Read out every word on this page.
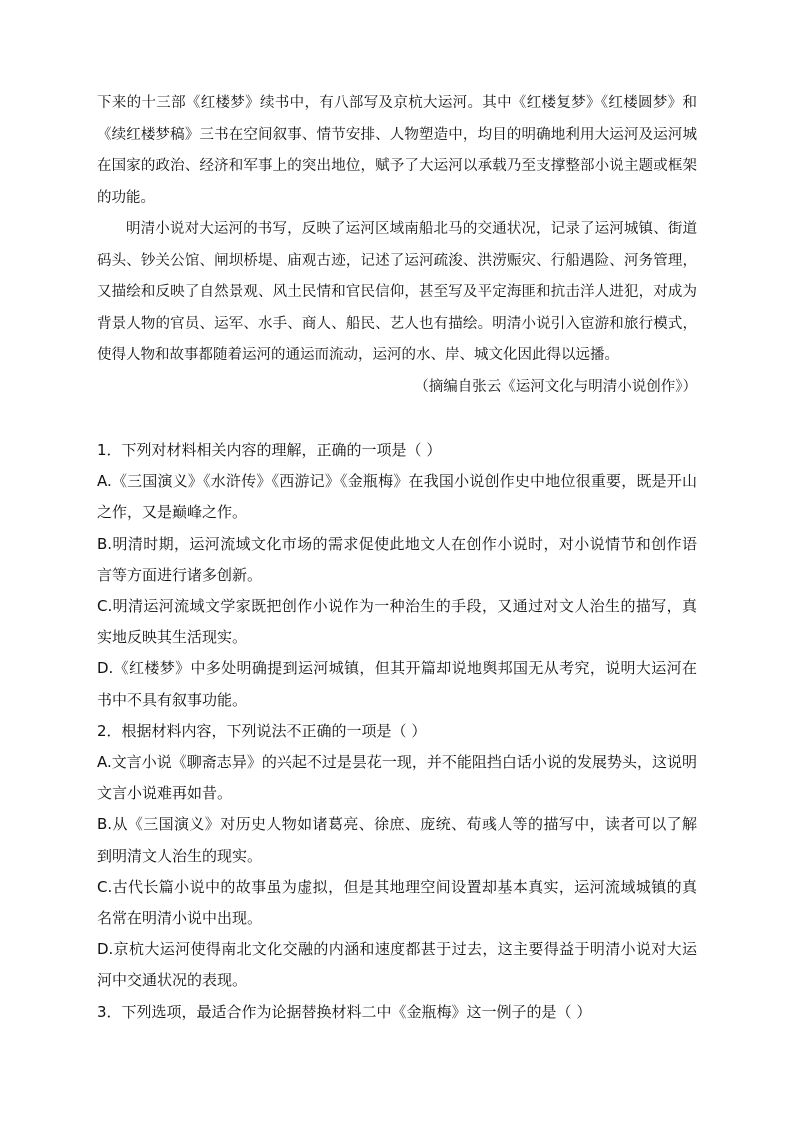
下来的十三部《红楼梦》续书中，有八部写及京杭大运河。其中《红楼复梦》《红楼圆梦》和《续红楼梦稿》三书在空间叙事、情节安排、人物塑造中，均目的明确地利用大运河及运河城在国家的政治、经济和军事上的突出地位，赋予了大运河以承载乃至支撑整部小说主题或框架的功能。

明清小说对大运河的书写，反映了运河区域南船北马的交通状况，记录了运河城镇、街道码头、钞关公馆、闸坝桥堤、庙观古迹，记述了运河疏浚、洪涝赈灾、行船遇险、河务管理，又描绘和反映了自然景观、风土民情和官民信仰，甚至写及平定海匪和抗击洋人进犯，对成为背景人物的官员、运军、水手、商人、船民、艺人也有描绘。明清小说引入宦游和旅行模式，使得人物和故事都随着运河的通运而流动，运河的水、岸、城文化因此得以远播。

（摘编自张云《运河文化与明清小说创作》）

1．下列对材料相关内容的理解，正确的一项是（ ）

A.《三国演义》《水浒传》《西游记》《金瓶梅》在我国小说创作史中地位很重要，既是开山之作，又是巅峰之作。

B.明清时期，运河流域文化市场的需求促使此地文人在创作小说时，对小说情节和创作语言等方面进行诸多创新。

C.明清运河流域文学家既把创作小说作为一种治生的手段，又通过对文人治生的描写，真实地反映其生活现实。

D.《红楼梦》中多处明确提到运河城镇，但其开篇却说地舆邦国无从考究，说明大运河在书中不具有叙事功能。

2．根据材料内容，下列说法不正确的一项是（ ）

A.文言小说《聊斋志异》的兴起不过是昙花一现，并不能阻挡白话小说的发展势头，这说明文言小说难再如昔。

B.从《三国演义》对历史人物如诸葛亮、徐庶、庞统、荀彧人等的描写中，读者可以了解到明清文人治生的现实。

C.古代长篇小说中的故事虽为虚拟，但是其地理空间设置却基本真实，运河流域城镇的真名常在明清小说中出现。

D.京杭大运河使得南北文化交融的内涵和速度都甚于过去，这主要得益于明清小说对大运河中交通状况的表现。

3．下列选项，最适合作为论据替换材料二中《金瓶梅》这一例子的是（ ）
